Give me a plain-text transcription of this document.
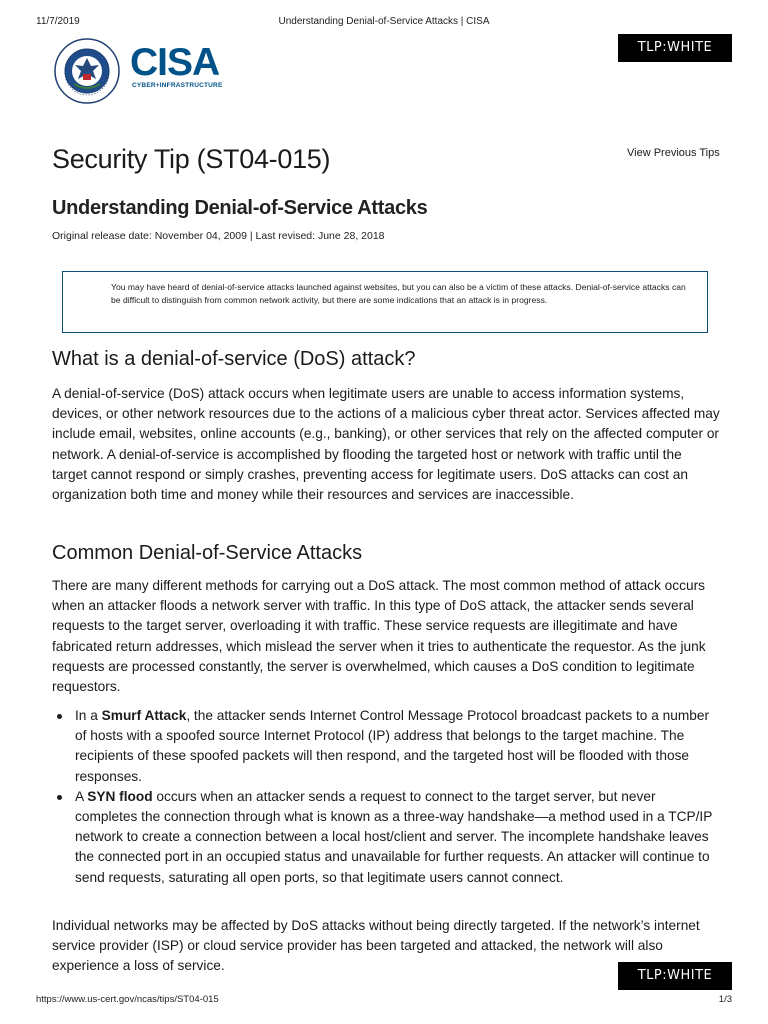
11/7/2019	Understanding Denial-of-Service Attacks | CISA
TLP:WHITE
CISA
CYBER+INFRASTRUCTURE
View Previous Tips
Security Tip (ST04-015)
Understanding Denial-of-Service Attacks
Original release date: November 04, 2009 | Last revised: June 28, 2018

You may have heard of denial-of-service attacks launched against websites, but you can also be a victim of these attacks. Denial-of-service attacks can be difficult to distinguish from common network activity, but there are some indications that an attack is in progress.

What is a denial-of-service (DoS) attack?

A denial-of-service (DoS) attack occurs when legitimate users are unable to access information systems, devices, or other network resources due to the actions of a malicious cyber threat actor. Services affected may include email, websites, online accounts (e.g., banking), or other services that rely on the affected computer or network. A denial-of-service is accomplished by flooding the targeted host or network with traffic until the target cannot respond or simply crashes, preventing access for legitimate users. DoS attacks can cost an organization both time and money while their resources and services are inaccessible.

Common Denial-of-Service Attacks

There are many different methods for carrying out a DoS attack. The most common method of attack occurs when an attacker floods a network server with traffic. In this type of DoS attack, the attacker sends several requests to the target server, overloading it with traffic. These service requests are illegitimate and have fabricated return addresses, which mislead the server when it tries to authenticate the requestor. As the junk requests are processed constantly, the server is overwhelmed, which causes a DoS condition to legitimate requestors.

In a Smurf Attack, the attacker sends Internet Control Message Protocol broadcast packets to a number of hosts with a spoofed source Internet Protocol (IP) address that belongs to the target machine. The recipients of these spoofed packets will then respond, and the targeted host will be flooded with those responses.
A SYN flood occurs when an attacker sends a request to connect to the target server, but never completes the connection through what is known as a three-way handshake—a method used in a TCP/IP network to create a connection between a local host/client and server. The incomplete handshake leaves the connected port in an occupied status and unavailable for further requests. An attacker will continue to send requests, saturating all open ports, so that legitimate users cannot connect.

Individual networks may be affected by DoS attacks without being directly targeted. If the network’s internet service provider (ISP) or cloud service provider has been targeted and attacked, the network will also experience a loss of service.

TLP:WHITE
https://www.us-cert.gov/ncas/tips/ST04-015	1/3
